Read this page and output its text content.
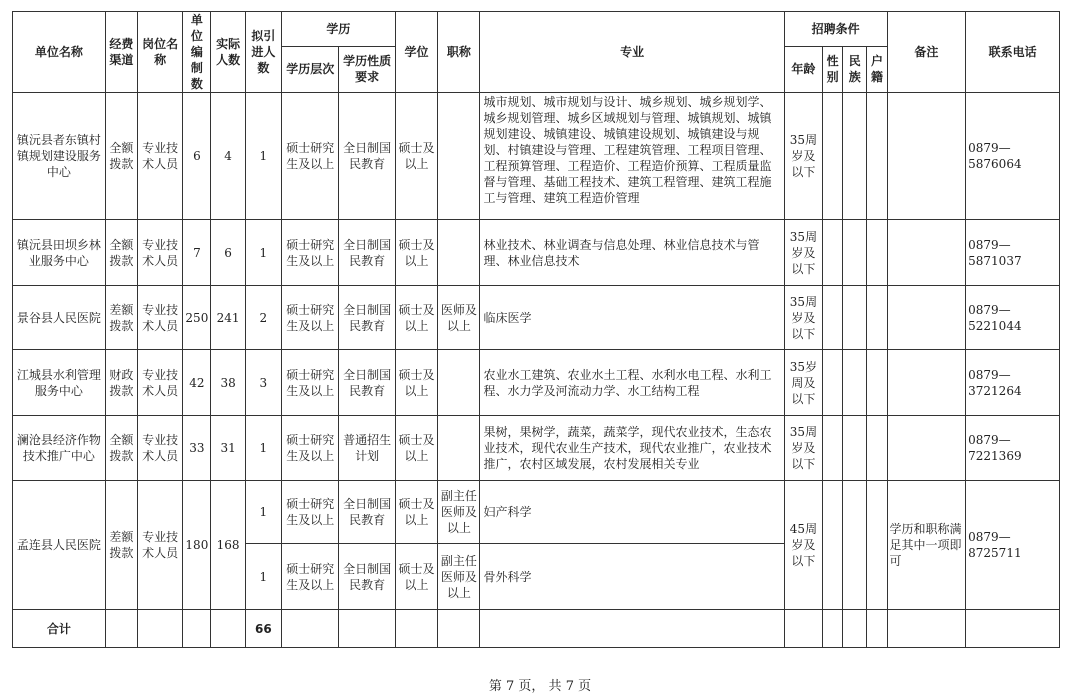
单位名称	经费渠道	岗位名称	单位编制数	实际人数	拟引进人数	学历		学位	职称	专业	招聘条件				备注	联系电话
						学历层次	学历性质要求				年龄	性别	民族	户籍		
镇沅县者东镇村镇规划建设服务中心	全额拨款	专业技术人员	6	4	1	硕士研究生及以上	全日制国民教育	硕士及以上		城市规划、城市规划与设计、城乡规划、城乡规划学、城乡规划管理、城乡区域规划与管理、城镇规划、城镇规划建设、城镇建设、城镇建设规划、城镇建设与规划、村镇建设与管理、工程建筑管理、工程项目管理、工程预算管理、工程造价、工程造价预算、工程质量监督与管理、基础工程技术、建筑工程管理、建筑工程施工与管理、建筑工程造价管理	35周岁及以下					0879—5876064
镇沅县田坝乡林业服务中心	全额拨款	专业技术人员	7	6	1	硕士研究生及以上	全日制国民教育	硕士及以上		林业技术、林业调查与信息处理、林业信息技术与管理、林业信息技术	35周岁及以下					0879—5871037
景谷县人民医院	差额拨款	专业技术人员	250	241	2	硕士研究生及以上	全日制国民教育	硕士及以上	医师及以上	临床医学	35周岁及以下					0879—5221044
江城县水利管理服务中心	财政拨款	专业技术人员	42	38	3	硕士研究生及以上	全日制国民教育	硕士及以上		农业水工建筑、农业水土工程、水利水电工程、水利工程、水力学及河流动力学、水工结构工程	35岁周及以下					0879—3721264
澜沧县经济作物技术推广中心	全额拨款	专业技术人员	33	31	1	硕士研究生及以上	普通招生计划	硕士及以上		果树，果树学，蔬菜，蔬菜学，现代农业技术，生态农业技术，现代农业生产技术，现代农业推广，农业技术推广，农村区域发展，农村发展相关专业	35周岁及以下					0879—7221369
孟连县人民医院	差额拨款	专业技术人员	180	168	1	硕士研究生及以上	全日制国民教育	硕士及以上	副主任医师及以上	妇产科学	45周岁及以下				学历和职称满足其中一项即可	0879—8725711
					1	硕士研究生及以上	全日制国民教育	硕士及以上	副主任医师及以上	骨外科学						
合计					66											
第 7 页， 共 7 页
